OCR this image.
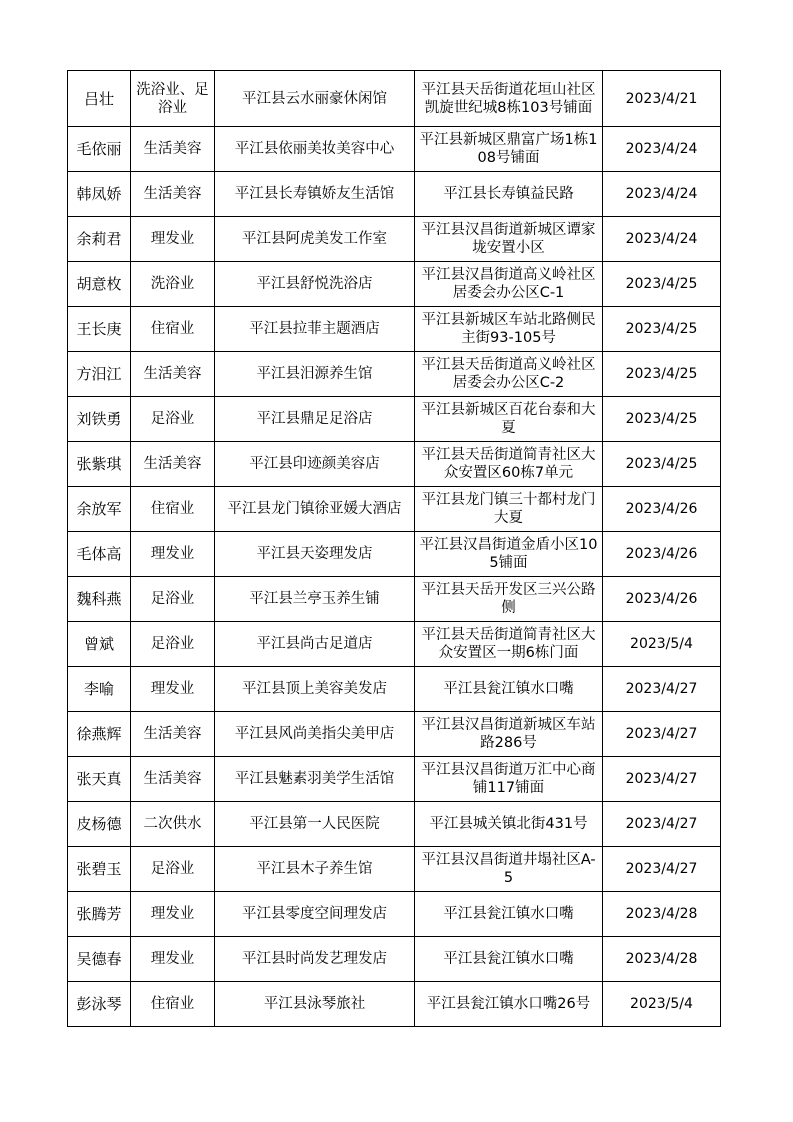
吕壮	洗浴业、足浴业	平江县云水丽豪休闲馆	平江县天岳街道花垣山社区凯旋世纪城8栋103号铺面	2023/4/21
毛依丽	生活美容	平江县依丽美妆美容中心	平江县新城区鼎富广场1栋108号铺面	2023/4/24
韩凤娇	生活美容	平江县长寿镇娇友生活馆	平江县长寿镇益民路	2023/4/24
余莉君	理发业	平江县阿虎美发工作室	平江县汉昌街道新城区谭家垅安置小区	2023/4/24
胡意枚	洗浴业	平江县舒悦洗浴店	平江县汉昌街道高义岭社区居委会办公区C-1	2023/4/25
王长庚	住宿业	平江县拉菲主题酒店	平江县新城区车站北路侧民主街93-105号	2023/4/25
方汨江	生活美容	平江县汨源养生馆	平江县天岳街道高义岭社区居委会办公区C-2	2023/4/25
刘铁勇	足浴业	平江县鼎足足浴店	平江县新城区百花台泰和大夏	2023/4/25
张紫琪	生活美容	平江县印迹颜美容店	平江县天岳街道简青社区大众安置区60栋7单元	2023/4/25
余放军	住宿业	平江县龙门镇徐亚媛大酒店	平江县龙门镇三十都村龙门大夏	2023/4/26
毛体高	理发业	平江县天姿理发店	平江县汉昌街道金盾小区105铺面	2023/4/26
魏科燕	足浴业	平江县兰亭玉养生铺	平江县天岳开发区三兴公路侧	2023/4/26
曾斌	足浴业	平江县尚古足道店	平江县天岳街道简青社区大众安置区一期6栋门面	2023/5/4
李喻	理发业	平江县顶上美容美发店	平江县瓮江镇水口嘴	2023/4/27
徐燕辉	生活美容	平江县风尚美指尖美甲店	平江县汉昌街道新城区车站路286号	2023/4/27
张天真	生活美容	平江县魅素羽美学生活馆	平江县汉昌街道万汇中心商铺117铺面	2023/4/27
皮杨德	二次供水	平江县第一人民医院	平江县城关镇北街431号	2023/4/27
张碧玉	足浴业	平江县木子养生馆	平江县汉昌街道井塌社区A-5	2023/4/27
张腾芳	理发业	平江县零度空间理发店	平江县瓮江镇水口嘴	2023/4/28
吴德春	理发业	平江县时尚发艺理发店	平江县瓮江镇水口嘴	2023/4/28
彭泳琴	住宿业	平江县泳琴旅社	平江县瓮江镇水口嘴26号	2023/5/4
